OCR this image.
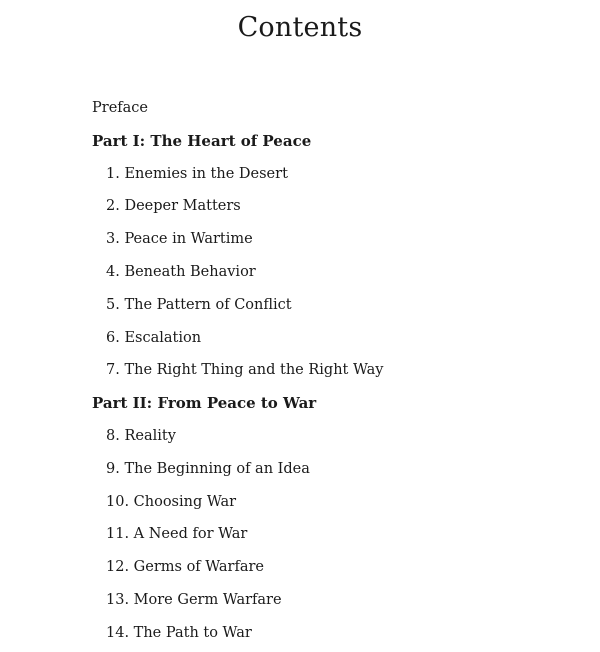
Contents
Preface
Part I: The Heart of Peace
1. Enemies in the Desert
2. Deeper Matters
3. Peace in Wartime
4. Beneath Behavior
5. The Pattern of Conflict
6. Escalation
7. The Right Thing and the Right Way
Part II: From Peace to War
8. Reality
9. The Beginning of an Idea
10. Choosing War
11. A Need for War
12. Germs of Warfare
13. More Germ Warfare
14. The Path to War
